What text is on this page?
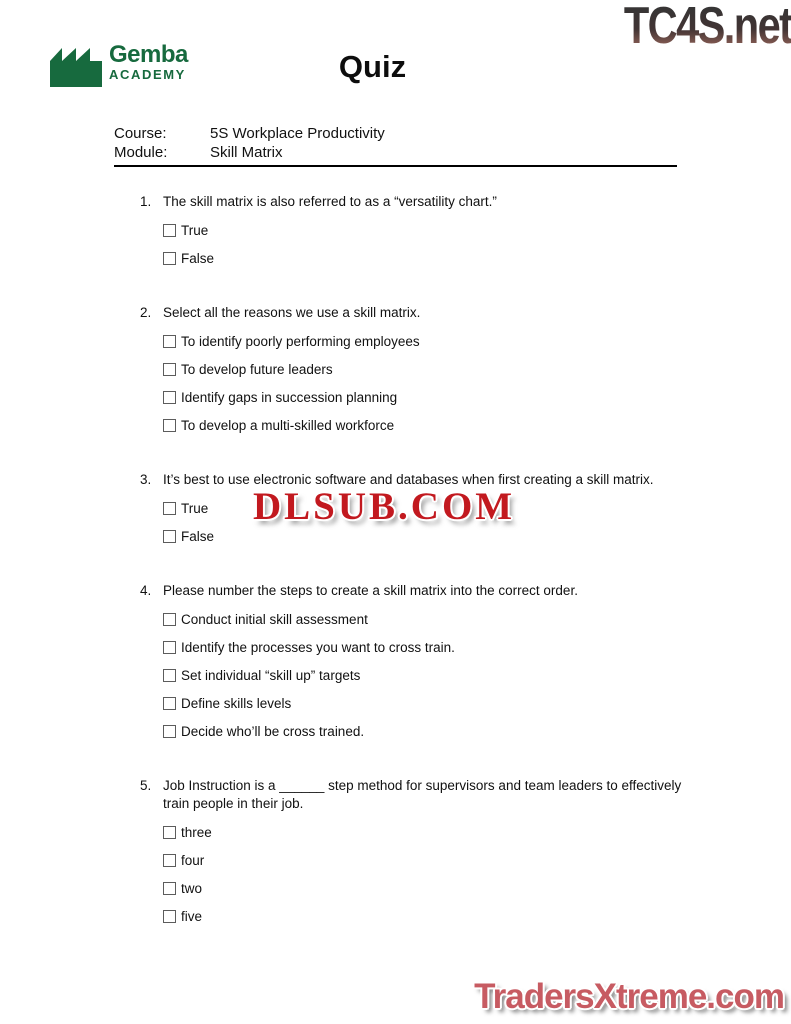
TC4S.net
Gemba
ACADEMY	Quiz
Course:	5S Workplace Productivity
Module:	Skill Matrix
1. The skill matrix is also referred to as a “versatility chart.”
True
False
2. Select all the reasons we use a skill matrix.
To identify poorly performing employees
To develop future leaders
Identify gaps in succession planning
To develop a multi-skilled workforce
3. It’s best to use electronic software and databases when first creating a skill matrix.
True
False
4. Please number the steps to create a skill matrix into the correct order.
Conduct initial skill assessment
Identify the processes you want to cross train.
Set individual “skill up” targets
Define skills levels
Decide who’ll be cross trained.
5. Job Instruction is a ______ step method for supervisors and team leaders to effectively train people in their job.
three
four
two
five
DLSUB.COM
TradersXtreme.com
